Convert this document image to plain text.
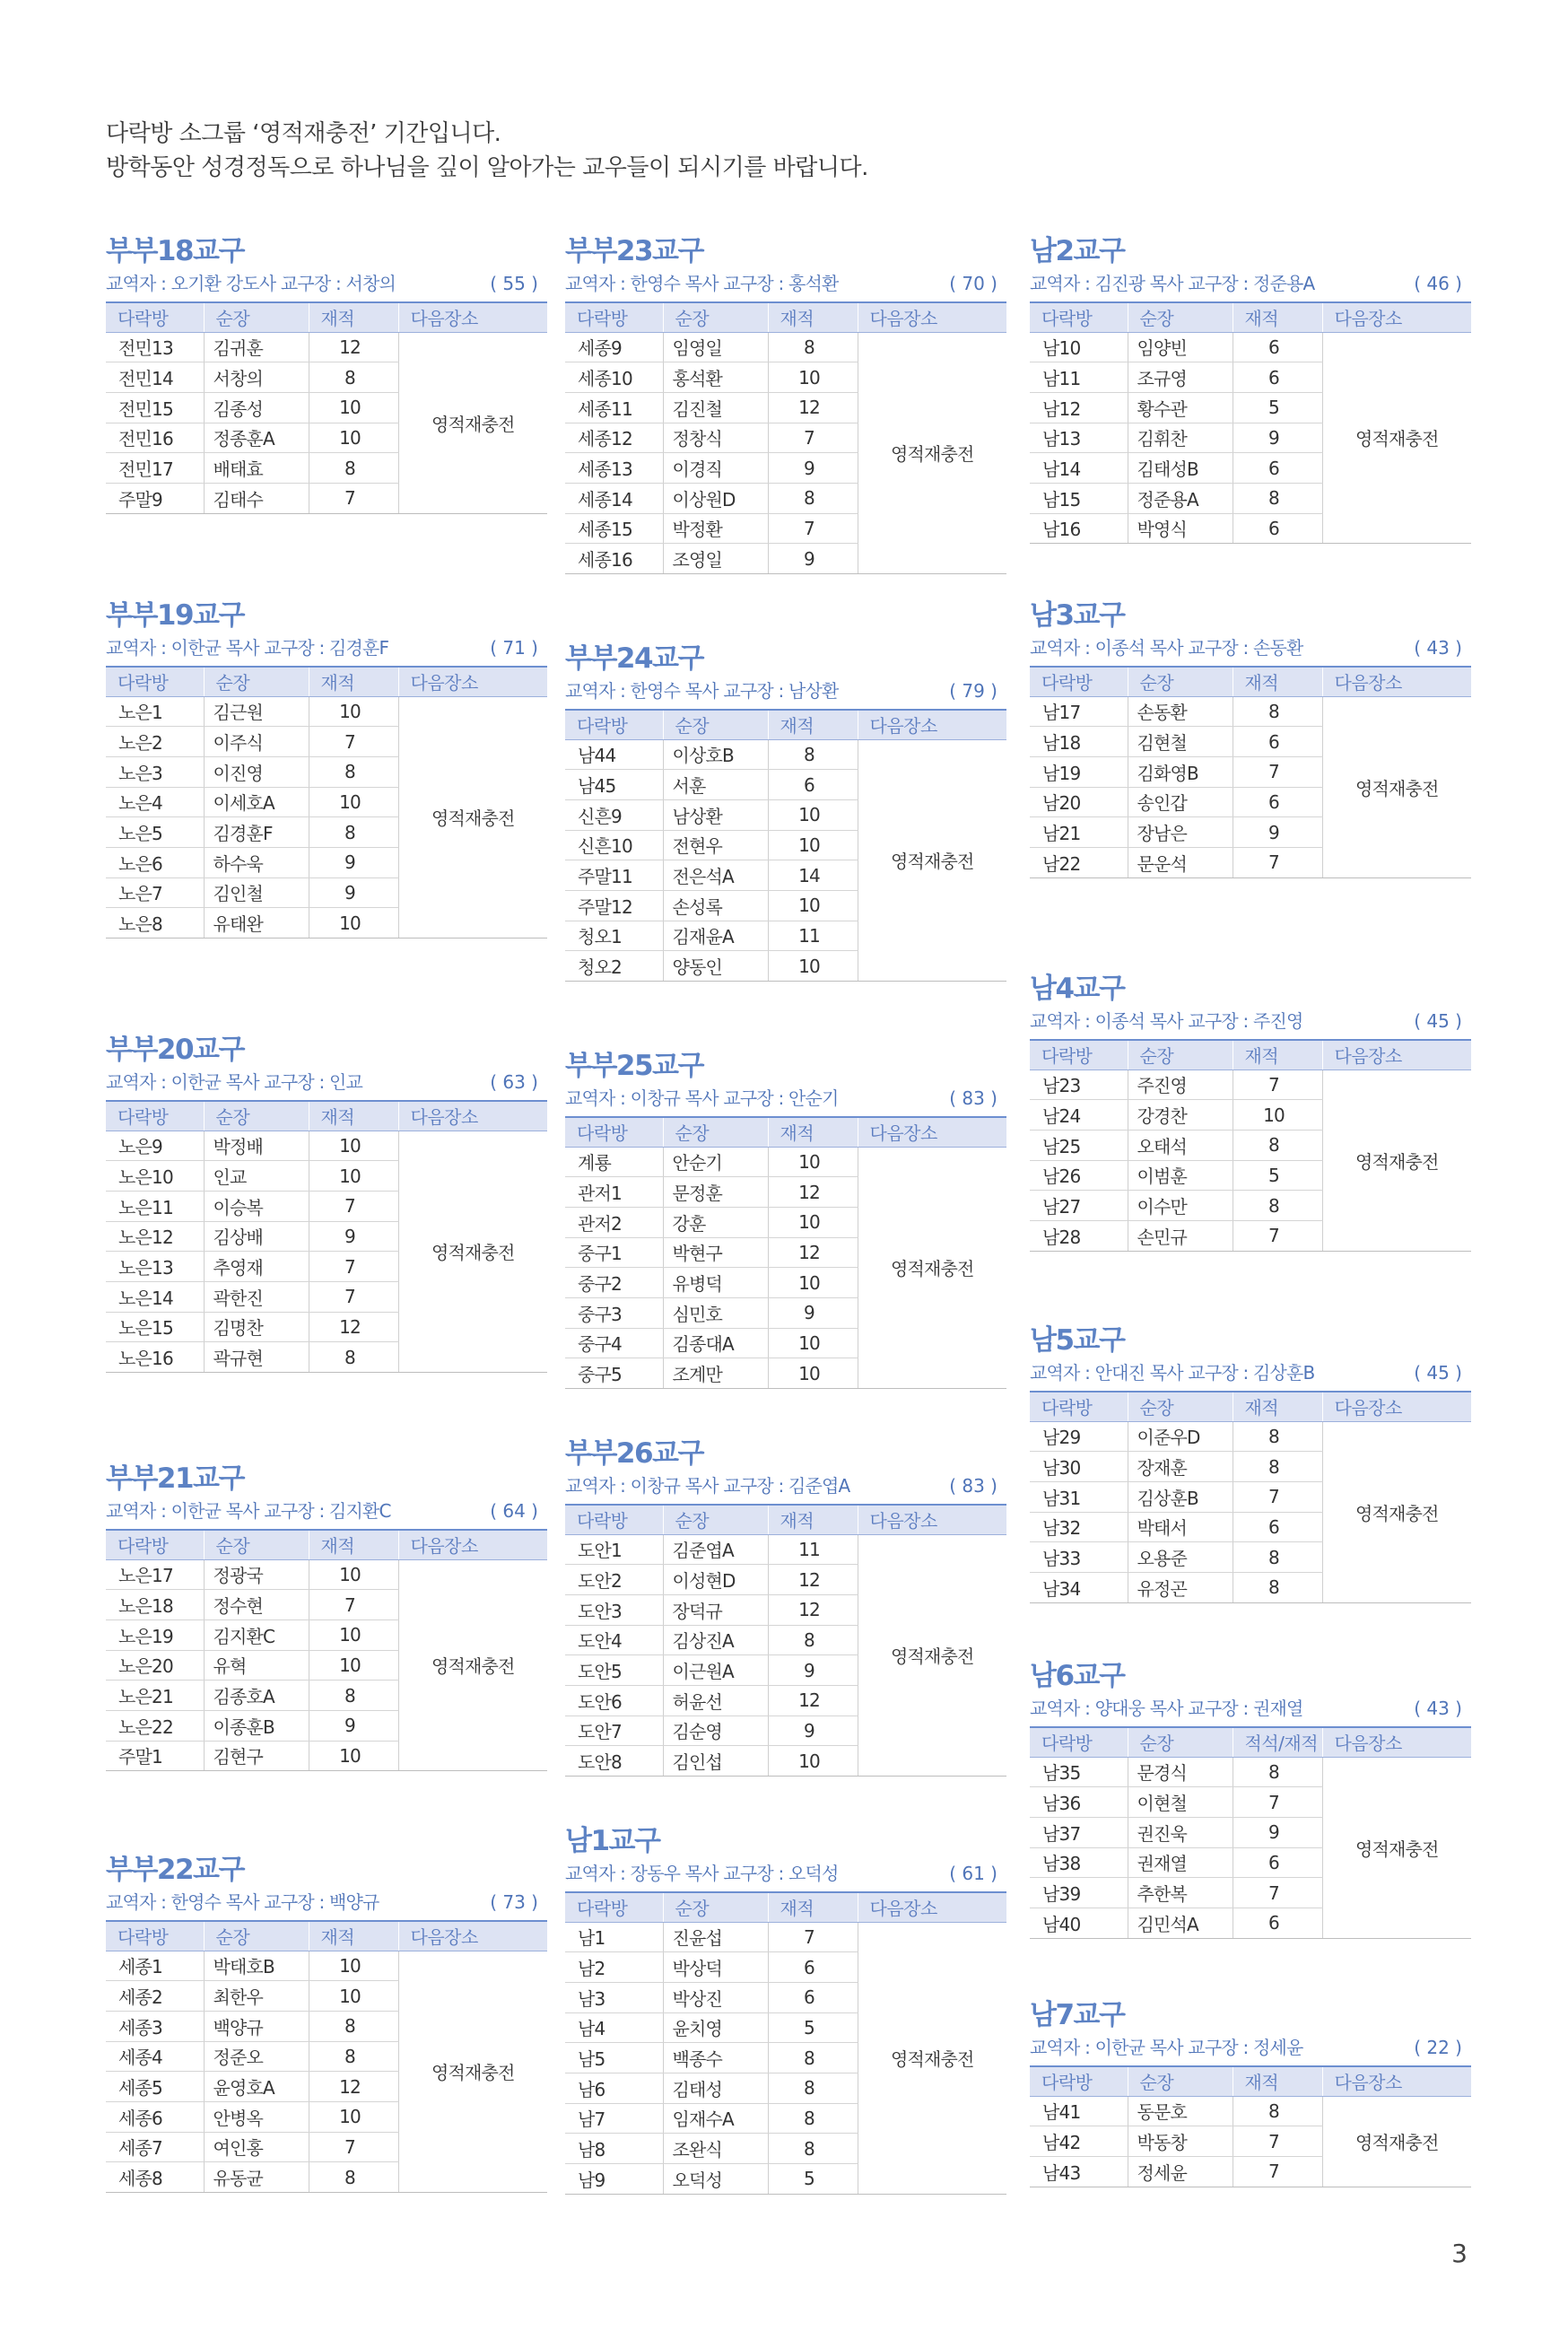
다락방 소그룹 ‘영적재충전’ 기간입니다.
방학동안 성경정독으로 하나님을 깊이 알아가는 교우들이 되시기를 바랍니다.
부부18교구
교역자 : 오기환 강도사 교구장 : 서창의	( 55 )
다락방	순장	재적	다음장소
전민13	김귀훈	12	영적재충전
전민14	서창의	8	
전민15	김종성	10	
전민16	정종훈A	10	
전민17	배태효	8	
주말9	김태수	7	
부부19교구
교역자 : 이한균 목사 교구장 : 김경훈F	( 71 )
다락방	순장	재적	다음장소
노은1	김근원	10	영적재충전
노은2	이주식	7	
노은3	이진영	8	
노은4	이세호A	10	
노은5	김경훈F	8	
노은6	하수욱	9	
노은7	김인철	9	
노은8	유태완	10	
부부20교구
교역자 : 이한균 목사 교구장 : 인교	( 63 )
다락방	순장	재적	다음장소
노은9	박정배	10	영적재충전
노은10	인교	10	
노은11	이승복	7	
노은12	김상배	9	
노은13	추영재	7	
노은14	곽한진	7	
노은15	김명찬	12	
노은16	곽규현	8	
부부21교구
교역자 : 이한균 목사 교구장 : 김지환C	( 64 )
다락방	순장	재적	다음장소
노은17	정광국	10	영적재충전
노은18	정수현	7	
노은19	김지환C	10	
노은20	유혁	10	
노은21	김종호A	8	
노은22	이종훈B	9	
주말1	김현구	10	
부부22교구
교역자 : 한영수 목사 교구장 : 백양규	( 73 )
다락방	순장	재적	다음장소
세종1	박태호B	10	영적재충전
세종2	최한우	10	
세종3	백양규	8	
세종4	정준오	8	
세종5	윤영호A	12	
세종6	안병옥	10	
세종7	여인홍	7	
세종8	유동균	8	
부부23교구
교역자 : 한영수 목사 교구장 : 홍석환	( 70 )
다락방	순장	재적	다음장소
세종9	임영일	8	영적재충전
세종10	홍석환	10	
세종11	김진철	12	
세종12	정창식	7	
세종13	이경직	9	
세종14	이상원D	8	
세종15	박정환	7	
세종16	조영일	9	
부부24교구
교역자 : 한영수 목사 교구장 : 남상환	( 79 )
다락방	순장	재적	다음장소
남44	이상호B	8	영적재충전
남45	서훈	6	
신흔9	남상환	10	
신흔10	전현우	10	
주말11	전은석A	14	
주말12	손성록	10	
청오1	김재윤A	11	
청오2	양동인	10	
부부25교구
교역자 : 이창규 목사 교구장 : 안순기	( 83 )
다락방	순장	재적	다음장소
계룡	안순기	10	영적재충전
관저1	문정훈	12	
관저2	강훈	10	
중구1	박현구	12	
중구2	유병덕	10	
중구3	심민호	9	
중구4	김종대A	10	
중구5	조계만	10	
부부26교구
교역자 : 이창규 목사 교구장 : 김준엽A	( 83 )
다락방	순장	재적	다음장소
도안1	김준엽A	11	영적재충전
도안2	이성현D	12	
도안3	장덕규	12	
도안4	김상진A	8	
도안5	이근원A	9	
도안6	허윤선	12	
도안7	김순영	9	
도안8	김인섭	10	
남1교구
교역자 : 장동우 목사 교구장 : 오덕성	( 61 )
다락방	순장	재적	다음장소
남1	진윤섭	7	영적재충전
남2	박상덕	6	
남3	박상진	6	
남4	윤치영	5	
남5	백종수	8	
남6	김태성	8	
남7	임재수A	8	
남8	조완식	8	
남9	오덕성	5	
남2교구
교역자 : 김진광 목사 교구장 : 정준용A	( 46 )
다락방	순장	재적	다음장소
남10	임양빈	6	영적재충전
남11	조규영	6	
남12	황수관	5	
남13	김휘찬	9	
남14	김태성B	6	
남15	정준용A	8	
남16	박영식	6	
남3교구
교역자 : 이종석 목사 교구장 : 손동환	( 43 )
다락방	순장	재적	다음장소
남17	손동환	8	영적재충전
남18	김현철	6	
남19	김화영B	7	
남20	송인갑	6	
남21	장남은	9	
남22	문운석	7	
남4교구
교역자 : 이종석 목사 교구장 : 주진영	( 45 )
다락방	순장	재적	다음장소
남23	주진영	7	영적재충전
남24	강경찬	10	
남25	오태석	8	
남26	이범훈	5	
남27	이수만	8	
남28	손민규	7	
남5교구
교역자 : 안대진 목사 교구장 : 김상훈B	( 45 )
다락방	순장	재적	다음장소
남29	이준우D	8	영적재충전
남30	장재훈	8	
남31	김상훈B	7	
남32	박태서	6	
남33	오용준	8	
남34	유정곤	8	
남6교구
교역자 : 양대웅 목사 교구장 : 권재열	( 43 )
다락방	순장	적석/재적	다음장소
남35	문경식	8	영적재충전
남36	이현철	7	
남37	권진욱	9	
남38	권재열	6	
남39	추한복	7	
남40	김민석A	6	
남7교구
교역자 : 이한균 목사 교구장 : 정세윤	( 22 )
다락방	순장	재적	다음장소
남41	동문호	8	영적재충전
남42	박동창	7	
남43	정세윤	7	
3
